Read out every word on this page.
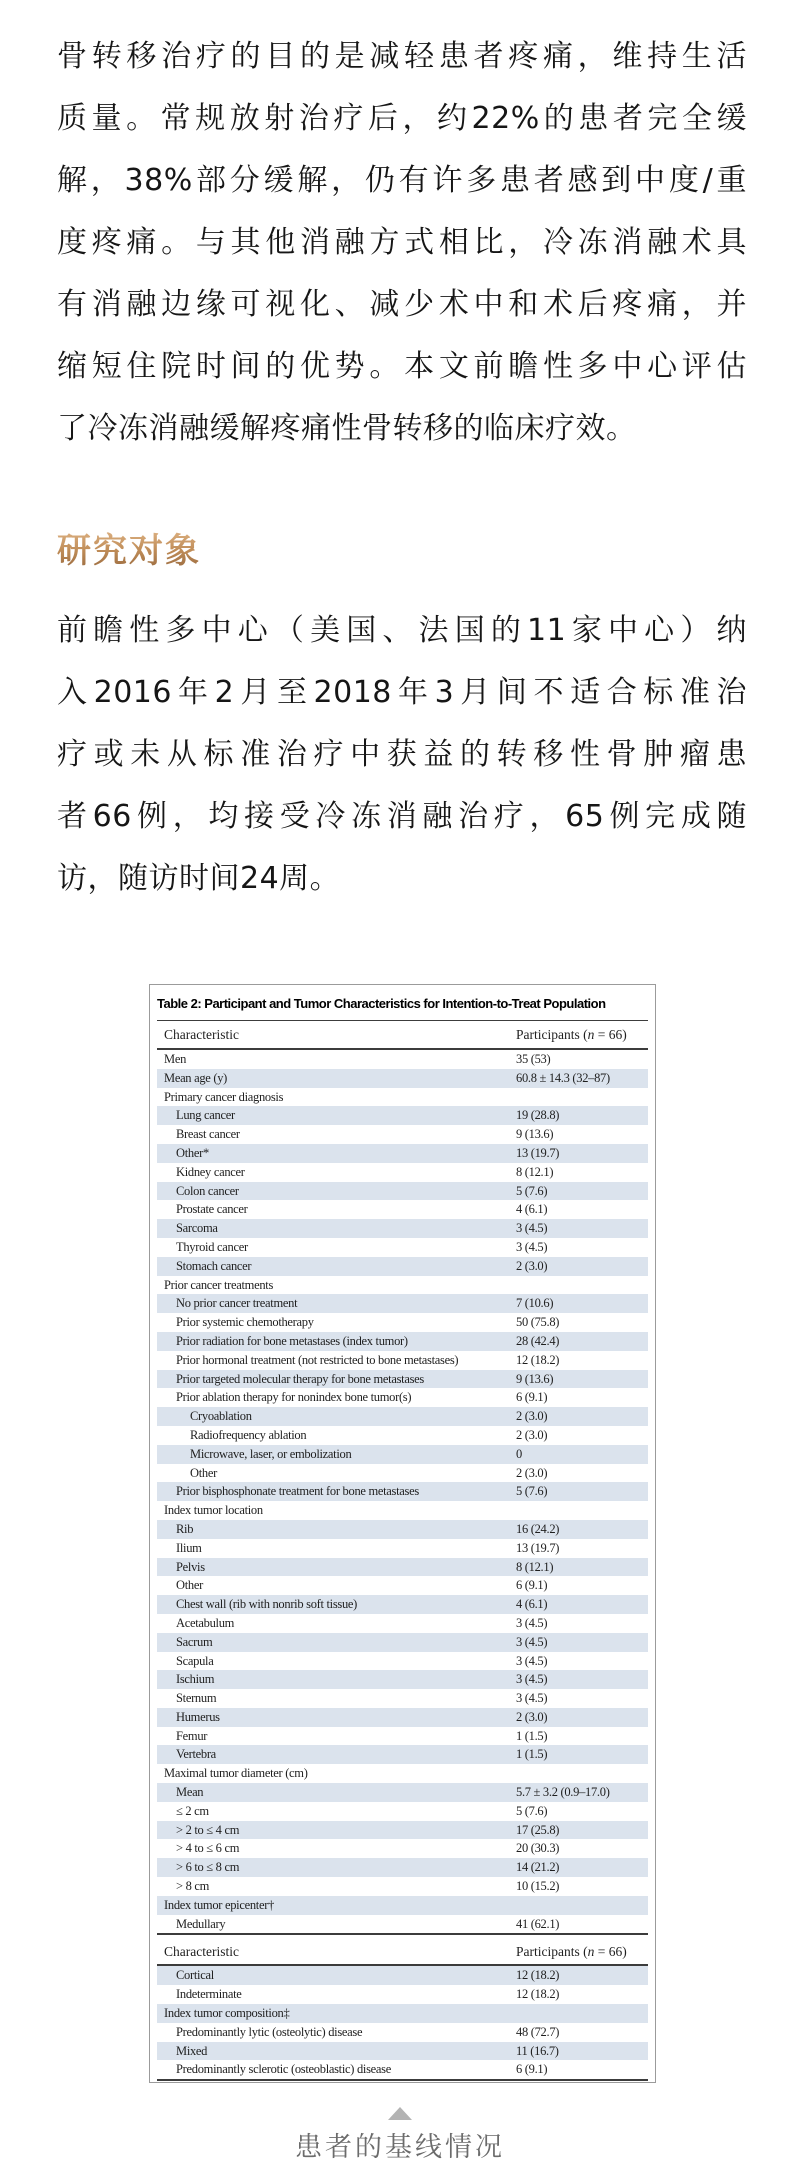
骨转移治疗的目的是减轻患者疼痛，维持生活
质量。常规放射治疗后，约22%的患者完全缓
解，38%部分缓解，仍有许多患者感到中度/重
度疼痛。与其他消融方式相比，冷冻消融术具
有消融边缘可视化、减少术中和术后疼痛，并
缩短住院时间的优势。本文前瞻性多中心评估
了冷冻消融缓解疼痛性骨转移的临床疗效。
研究对象
前瞻性多中心（美国、法国的11家中心）纳
入2016年2月至2018年3月间不适合标准治
疗或未从标准治疗中获益的转移性骨肿瘤患
者66例，均接受冷冻消融治疗，65例完成随
访，随访时间24周。
Table 2: Participant and Tumor Characteristics for Intention-to-Treat Population
Characteristic	Participants (n = 66)
Men	35 (53)
Mean age (y)	60.8 ± 14.3 (32–87)
Primary cancer diagnosis
Lung cancer	19 (28.8)
Breast cancer	9 (13.6)
Other*	13 (19.7)
Kidney cancer	8 (12.1)
Colon cancer	5 (7.6)
Prostate cancer	4 (6.1)
Sarcoma	3 (4.5)
Thyroid cancer	3 (4.5)
Stomach cancer	2 (3.0)
Prior cancer treatments
No prior cancer treatment	7 (10.6)
Prior systemic chemotherapy	50 (75.8)
Prior radiation for bone metastases (index tumor)	28 (42.4)
Prior hormonal treatment (not restricted to bone metastases)	12 (18.2)
Prior targeted molecular therapy for bone metastases	9 (13.6)
Prior ablation therapy for nonindex bone tumor(s)	6 (9.1)
Cryoablation	2 (3.0)
Radiofrequency ablation	2 (3.0)
Microwave, laser, or embolization	0
Other	2 (3.0)
Prior bisphosphonate treatment for bone metastases	5 (7.6)
Index tumor location
Rib	16 (24.2)
Ilium	13 (19.7)
Pelvis	8 (12.1)
Other	6 (9.1)
Chest wall (rib with nonrib soft tissue)	4 (6.1)
Acetabulum	3 (4.5)
Sacrum	3 (4.5)
Scapula	3 (4.5)
Ischium	3 (4.5)
Sternum	3 (4.5)
Humerus	2 (3.0)
Femur	1 (1.5)
Vertebra	1 (1.5)
Maximal tumor diameter (cm)
Mean	5.7 ± 3.2 (0.9–17.0)
≤ 2 cm	5 (7.6)
> 2 to ≤ 4 cm	17 (25.8)
> 4 to ≤ 6 cm	20 (30.3)
> 6 to ≤ 8 cm	14 (21.2)
> 8 cm	10 (15.2)
Index tumor epicenter†
Medullary	41 (62.1)
Characteristic	Participants (n = 66)
Cortical	12 (18.2)
Indeterminate	12 (18.2)
Index tumor composition‡
Predominantly lytic (osteolytic) disease	48 (72.7)
Mixed	11 (16.7)
Predominantly sclerotic (osteoblastic) disease	6 (9.1)
患者的基线情况
